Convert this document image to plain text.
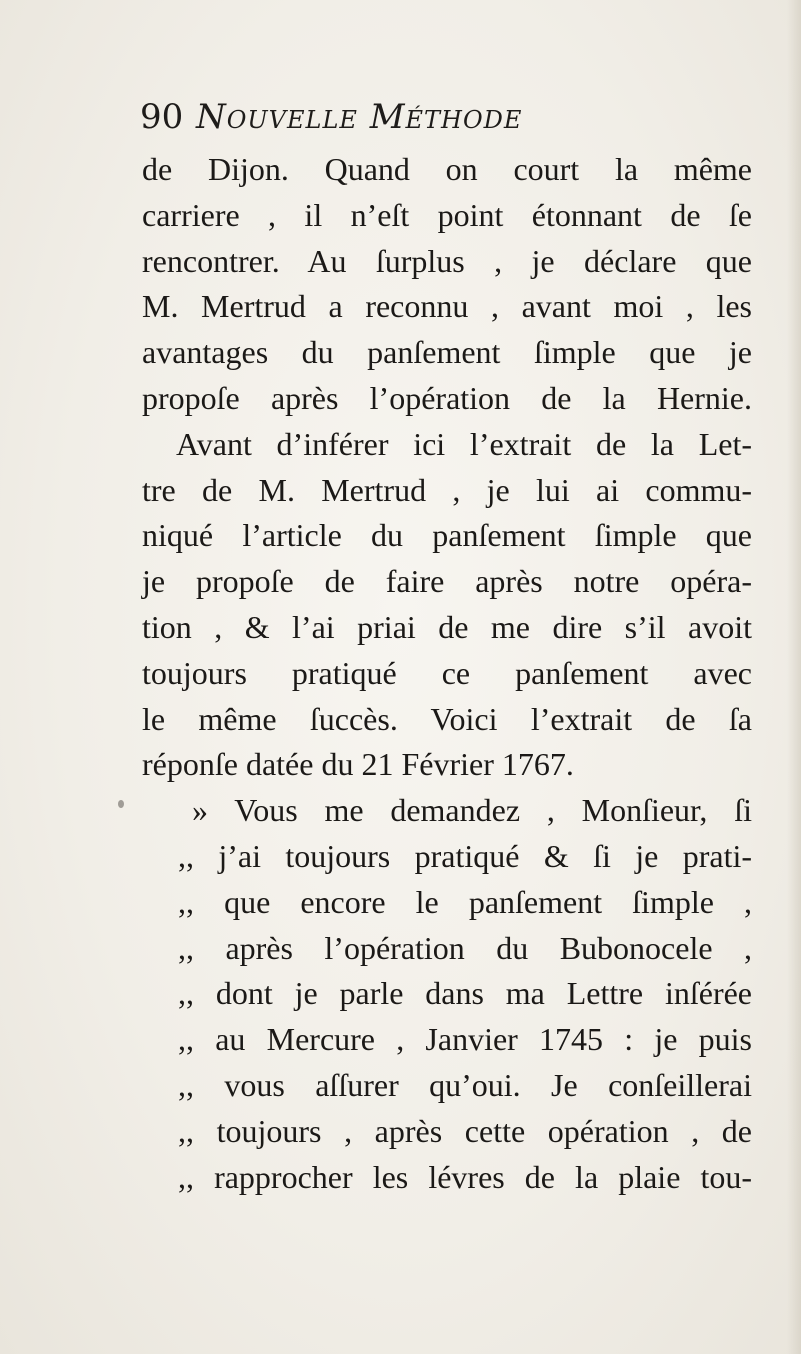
90 Nouvelle Méthode
de Dijon. Quand on court la même
carriere , il n’eſt point étonnant de ſe
rencontrer. Au ſurplus , je déclare que
M. Mertrud a reconnu , avant moi , les
avantages du panſement ſimple que je
propoſe après l’opération de la Hernie.
Avant d’inférer ici l’extrait de la Let-
tre de M. Mertrud , je lui ai commu-
niqué l’article du panſement ſimple que
je propoſe de faire après notre opéra-
tion , & l’ai priai de me dire s’il avoit
toujours pratiqué ce panſement avec
le même ſuccès. Voici l’extrait de ſa
réponſe datée du 21 Février 1767.
» Vous me demandez , Monſieur, ſi
,, j’ai toujours pratiqué & ſi je prati-
,, que encore le panſement ſimple ,
,, après l’opération du Bubonocele ,
,, dont je parle dans ma Lettre inſérée
,, au Mercure , Janvier 1745 : je puis
,, vous aſſurer qu’oui. Je conſeillerai
,, toujours , après cette opération , de
,, rapprocher les lévres de la plaie tou-
